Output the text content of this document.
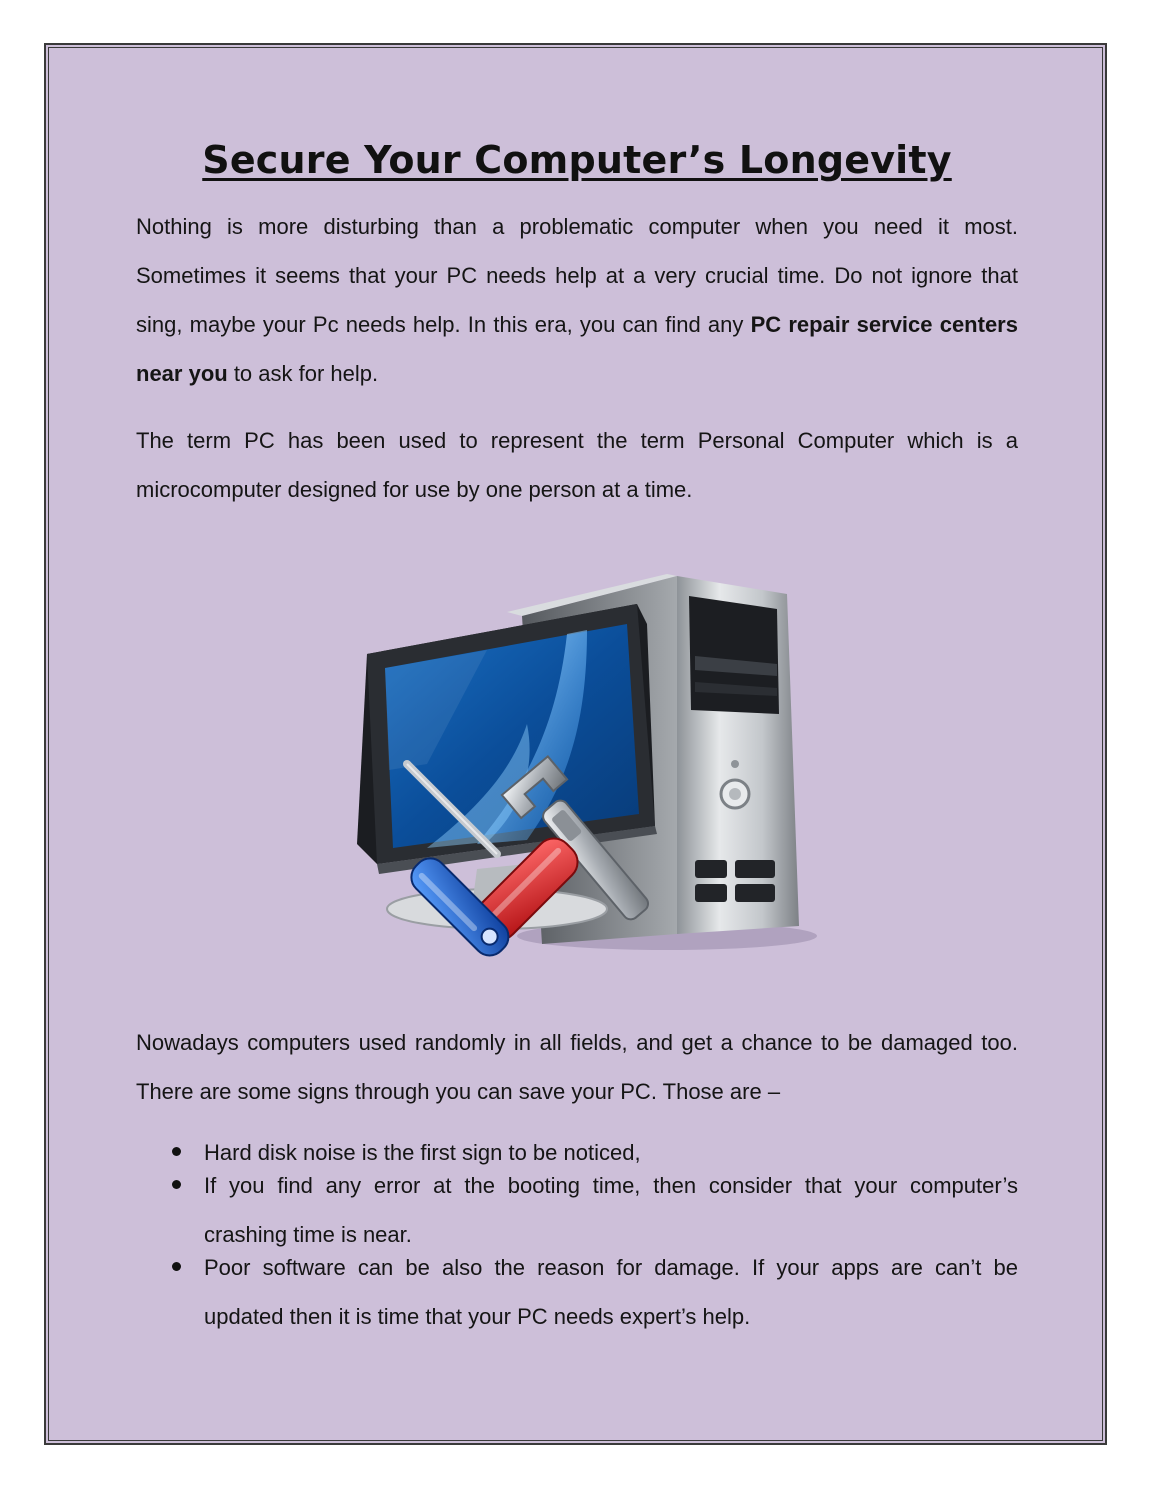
Secure Your Computer’s Longevity

Nothing is more disturbing than a problematic computer when you need it most. Sometimes it seems that your PC needs help at a very crucial time. Do not ignore that sing, maybe your Pc needs help. In this era, you can find any PC repair service centers near you to ask for help.

The term PC has been used to represent the term Personal Computer which is a microcomputer designed for use by one person at a time.

Nowadays computers used randomly in all fields, and get a chance to be damaged too. There are some signs through you can save your PC. Those are –

Hard disk noise is the first sign to be noticed,
If you find any error at the booting time, then consider that your computer’s crashing time is near.
Poor software can be also the reason for damage. If your apps are can’t be updated then it is time that your PC needs expert’s help.
